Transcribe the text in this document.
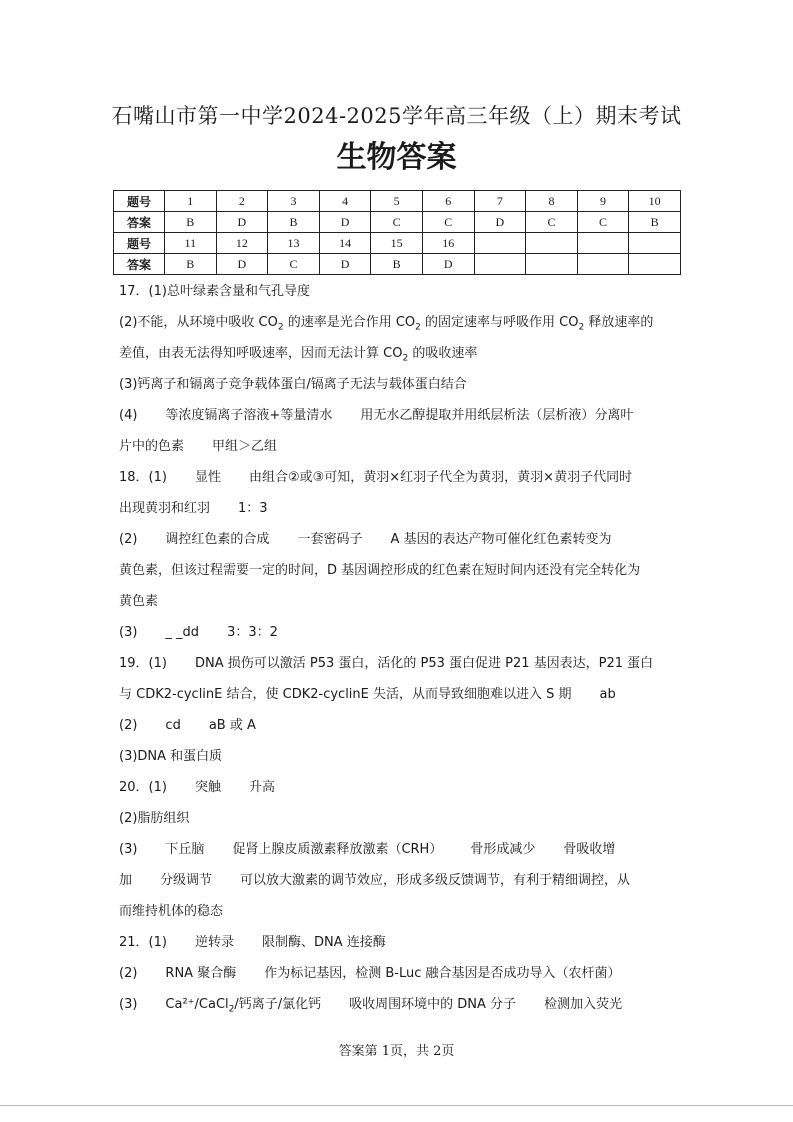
石嘴山市第一中学2024-2025学年高三年级（上）期末考试
生物答案
题号	1	2	3	4	5	6	7	8	9	10
答案	B	D	B	D	C	C	D	C	C	B
题号	11	12	13	14	15	16				
答案	B	D	C	D	B	D				
17．(1)总叶绿素含量和气孔导度
(2)不能，从环境中吸收 $CO_2$ 的速率是光合作用 $CO_2$ 的固定速率与呼吸作用 $CO_2$ 释放速率的
差值，由表无法得知呼吸速率，因而无法计算 $CO_2$ 的吸收速率
(3)钙离子和镉离子竞争载体蛋白/镉离子无法与载体蛋白结合
(4) 等浓度镉离子溶液+等量清水 用无水乙醇提取并用纸层析法（层析液）分离叶
片中的色素 甲组＞乙组
18．(1) 显性 由组合②或③可知，黄羽×红羽子代全为黄羽，黄羽×黄羽子代同时
出现黄羽和红羽 1：3
(2) 调控红色素的合成 一套密码子 A 基因的表达产物可催化红色素转变为
黄色素，但该过程需要一定的时间，D 基因调控形成的红色素在短时间内还没有完全转化为
黄色素
(3) _ _dd 3：3：2
19．(1) DNA 损伤可以激活 P53 蛋白，活化的 P53 蛋白促进 P21 基因表达，P21 蛋白
与 CDK2-cyclinE 结合，使 CDK2-cyclinE 失活，从而导致细胞难以进入 S 期 ab
(2) cd aB 或 A
(3)DNA 和蛋白质
20．(1) 突触 升高
(2)脂肪组织
(3) 下丘脑 促肾上腺皮质激素释放激素（CRH） 骨形成减少 骨吸收增
加 分级调节 可以放大激素的调节效应，形成多级反馈调节，有利于精细调控，从
而维持机体的稳态
21．(1) 逆转录 限制酶、DNA 连接酶
(2) RNA 聚合酶 作为标记基因，检测 B-Luc 融合基因是否成功导入（农杆菌）
(3) Ca²⁺/CaCl$_2$/钙离子/氯化钙 吸收周围环境中的 DNA 分子 检测加入荧光
答案第 1页，共 2页
